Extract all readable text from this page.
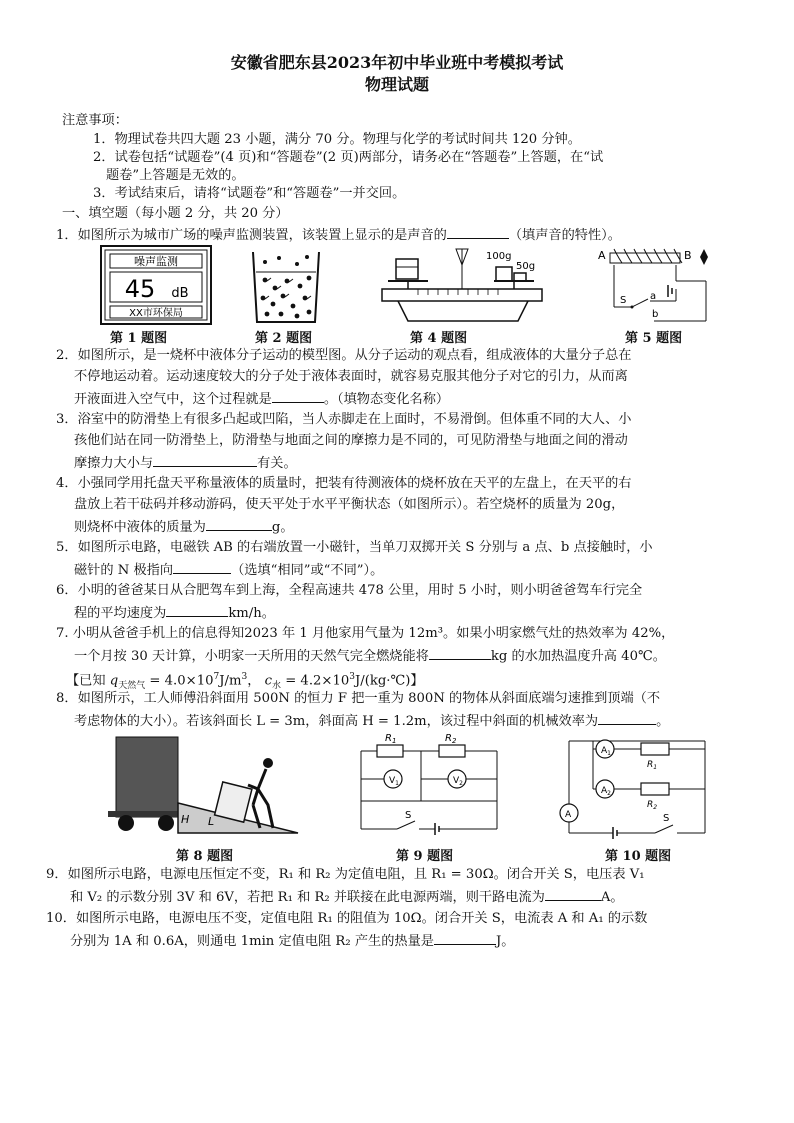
安徽省肥东县2023年初中毕业班中考模拟考试
物理试题
注意事项：
1．物理试卷共四大题 23 小题，满分 70 分。物理与化学的考试时间共 120 分钟。
2．试卷包括“试题卷”(4 页)和“答题卷”(2 页)两部分，请务必在“答题卷”上答题，在“试
题卷”上答题是无效的。
3．考试结束后，请将“试题卷”和“答题卷”一并交回。
一、填空题（每小题 2 分，共 20 分）
1．如图所示为城市广场的噪声监测装置，该装置上显示的是声音的	（填声音的特性）。
噪声监测
45 dB
XX市环保局
第 1 题图	第 2 题图
100g
50g
第 4 题图
A	B
S a
b
第 5 题图
2．如图所示，是一烧杯中液体分子运动的模型图。从分子运动的观点看，组成液体的大量分子总在
不停地运动着。运动速度较大的分子处于液体表面时，就容易克服其他分子对它的引力，从而离
开液面进入空气中，这个过程就是	。（填物态变化名称）
3．浴室中的防滑垫上有很多凸起或凹陷，当人赤脚走在上面时，不易滑倒。但体重不同的大人、小
孩他们站在同一防滑垫上，防滑垫与地面之间的摩擦力是不同的，可见防滑垫与地面之间的滑动
摩擦力大小与	有关。
4．小强同学用托盘天平称量液体的质量时，把装有待测液体的烧杯放在天平的左盘上，在天平的右
盘放上若干砝码并移动游码，使天平处于水平平衡状态（如图所示）。若空烧杯的质量为 20g，
则烧杯中液体的质量为	g。
5．如图所示电路，电磁铁 AB 的右端放置一小磁针，当单刀双掷开关 S 分别与 a 点、b 点接触时，小
磁针的 N 极指向	（选填“相同”或“不同”）。
6．小明的爸爸某日从合肥驾车到上海，全程高速共 478 公里，用时 5 小时，则小明爸爸驾车行完全
程的平均速度为	km/h。
7. 小明从爸爸手机上的信息得知2023 年 1 月他家用气量为 12m³。如果小明家燃气灶的热效率为 42%，
一个月按 30 天计算，小明家一天所用的天然气完全燃烧能将	kg 的水加热温度升高 40℃。
【已知 $q_{天然气} = 4.0\times 10^7J/m^3$， $c_水$ = $4.2\times 10^3J/(kg\cdot℃)$】
8．如图所示，工人师傅沿斜面用 500N 的恒力 F 把一重为 800N 的物体从斜面底端匀速推到顶端（不
考虑物体的大小）。若该斜面长 L = 3m，斜面高 H = 1.2m，该过程中斜面的机械效率为	。
H L
第 8 题图
$R_1$	$R_2$
$V_1$	$V_2$
S
第 9 题图
$A_1$
$R_1$
$A_2$
$R_2$
A	S
第 10 题图
9．如图所示电路，电源电压恒定不变，R₁ 和 R₂ 为定值电阻，且 R₁ = 30Ω。闭合开关 S，电压表 V₁
和 V₂ 的示数分别 3V 和 6V，若把 R₁ 和 R₂ 并联接在此电源两端，则干路电流为	A。
10．如图所示电路，电源电压不变，定值电阻 R₁ 的阻值为 10Ω。闭合开关 S，电流表 A 和 A₁ 的示数
分别为 1A 和 0.6A，则通电 1min 定值电阻 R₂ 产生的热量是	J。
